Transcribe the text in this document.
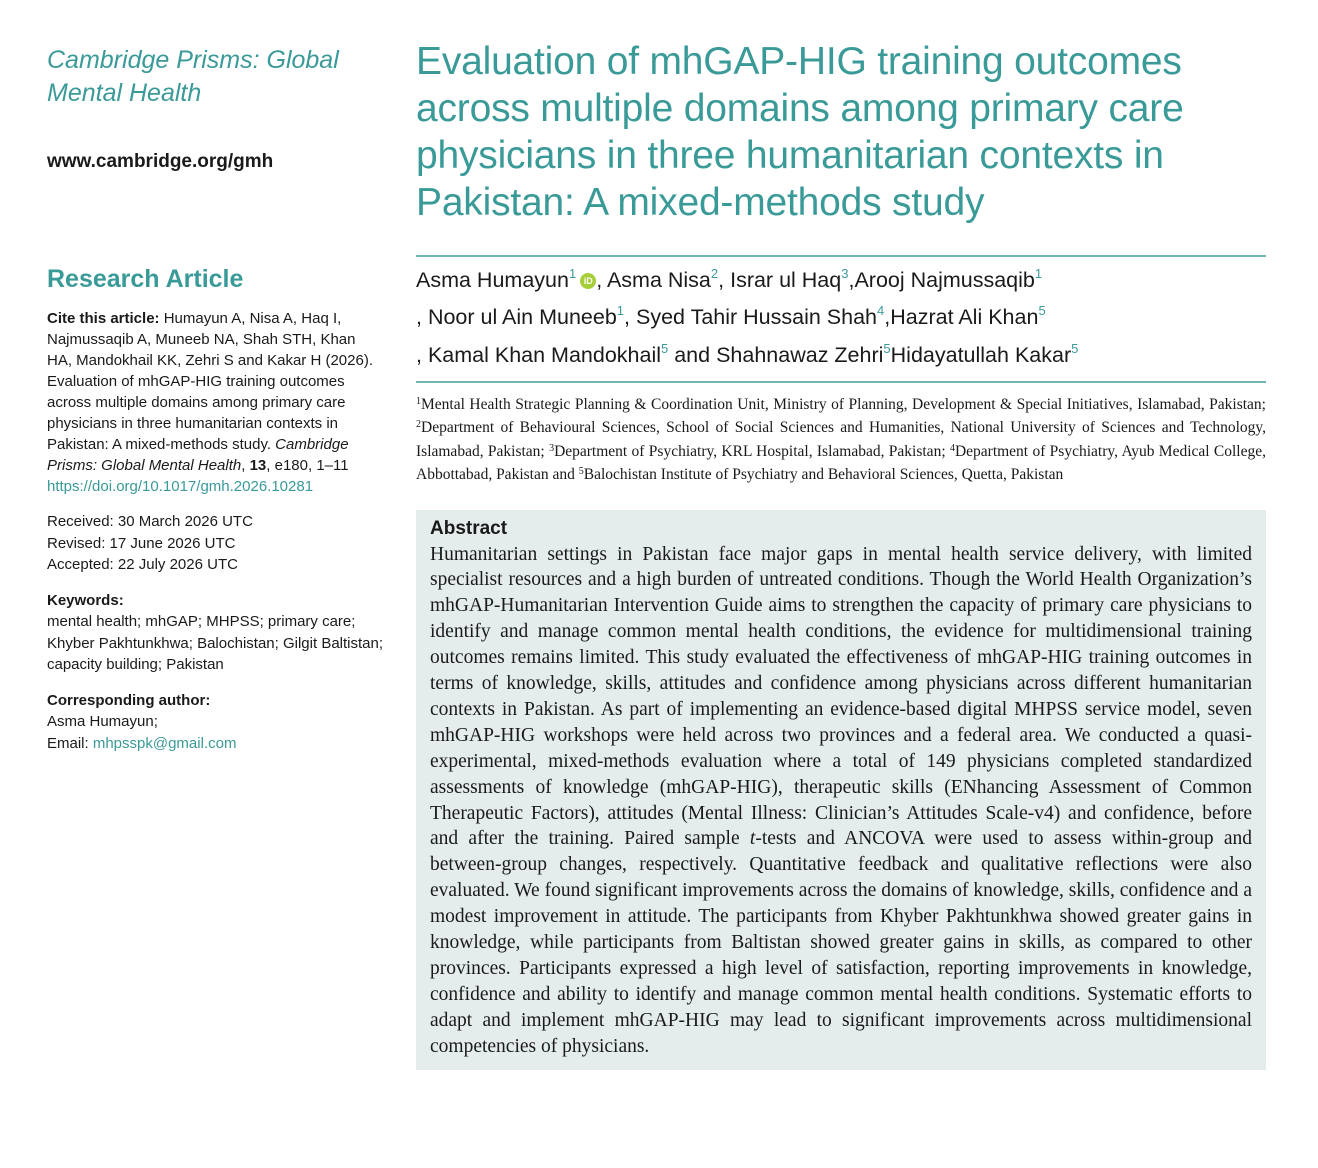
Cambridge Prisms: Global
Mental Health
www.cambridge.org/gmh
Research Article
Cite this article: Humayun A, Nisa A, Haq I, Najmussaqib A, Muneeb NA, Shah STH, Khan HA, Mandokhail KK, Zehri S and Kakar H (2026). Evaluation of mhGAP-HIG training outcomes across multiple domains among primary care physicians in three humanitarian contexts in Pakistan: A mixed-methods study. Cambridge Prisms: Global Mental Health, 13, e180, 1–11
https://doi.org/10.1017/gmh.2026.10281
Received: 30 March 2026 UTC
Revised: 17 June 2026 UTC
Accepted: 22 July 2026 UTC
Keywords:
mental health; mhGAP; MHPSS; primary care; Khyber Pakhtunkhwa; Balochistan; Gilgit Baltistan; capacity building; Pakistan
Corresponding author:
Asma Humayun;
Email: mhpsspk@gmail.com
Evaluation of mhGAP-HIG training outcomes across multiple domains among primary care physicians in three humanitarian contexts in Pakistan: A mixed-methods study
Asma Humayun$^1$ iD , Asma Nisa$^2$, Israr ul Haq$^3$,Arooj Najmussaqib$^1$
, Noor ul Ain Muneeb$^1$, Syed Tahir Hussain Shah$^4$,Hazrat Ali Khan$^5$
, Kamal Khan Mandokhail$^5$ and Shahnawaz Zehri$^5$Hidayatullah Kakar$^5$
$^1$Mental Health Strategic Planning & Coordination Unit, Ministry of Planning, Development & Special Initiatives, Islamabad, Pakistan; $^2$Department of Behavioural Sciences, School of Social Sciences and Humanities, National University of Sciences and Technology, Islamabad, Pakistan; $^3$Department of Psychiatry, KRL Hospital, Islamabad, Pakistan; $^4$Department of Psychiatry, Ayub Medical College, Abbottabad, Pakistan and $^5$Balochistan Institute of Psychiatry and Behavioral Sciences, Quetta, Pakistan
Abstract

Humanitarian settings in Pakistan face major gaps in mental health service delivery, with limited specialist resources and a high burden of untreated conditions. Though the World Health Organization’s mhGAP-Humanitarian Intervention Guide aims to strengthen the capacity of primary care physicians to identify and manage common mental health conditions, the evidence for multidimensional training outcomes remains limited. This study evaluated the effectiveness of mhGAP-HIG training outcomes in terms of knowledge, skills, attitudes and confidence among physicians across different humanitarian contexts in Pakistan. As part of implementing an evidence-based digital MHPSS service model, seven mhGAP-HIG workshops were held across two provinces and a federal area. We conducted a quasi-experimental, mixed-methods evaluation where a total of 149 physicians completed standardized assessments of knowledge (mhGAP-HIG), therapeutic skills (ENhancing Assessment of Common Therapeutic Factors), attitudes (Mental Illness: Clinician’s Attitudes Scale-v4) and confidence, before and after the training. Paired sample t-tests and ANCOVA were used to assess within-group and between-group changes, respectively. Quantitative feedback and qualitative reflections were also evaluated. We found significant improvements across the domains of knowledge, skills, confidence and a modest improvement in attitude. The participants from Khyber Pakhtunkhwa showed greater gains in knowledge, while participants from Baltistan showed greater gains in skills, as compared to other provinces. Participants expressed a high level of satisfaction, reporting improvements in knowledge, confidence and ability to identify and manage common mental health conditions. Systematic efforts to adapt and implement mhGAP-HIG may lead to significant improvements across multidimensional competencies of physicians.
